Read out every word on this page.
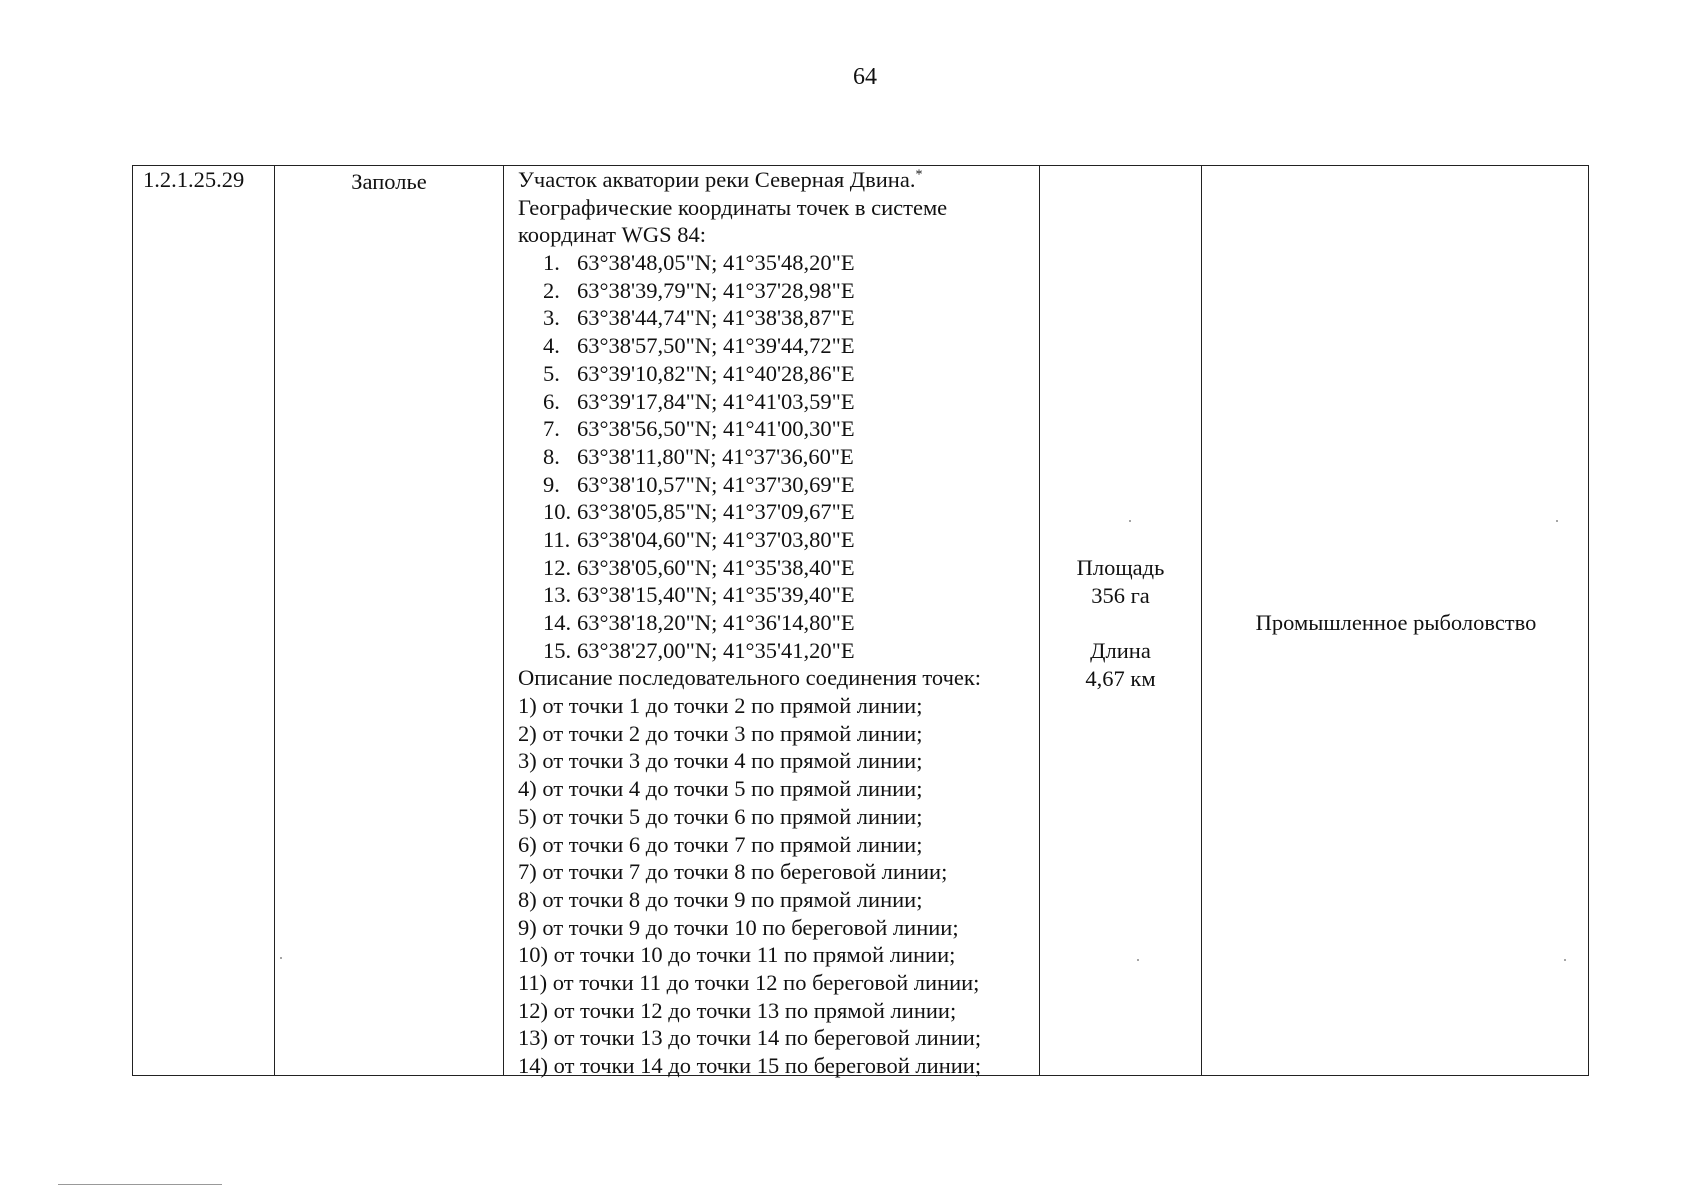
64
1.2.1.25.29	Заполье	Участок акватории реки Северная Двина.*
Географические координаты точек в системе
координат WGS 84:
1. 63°38'48,05"N; 41°35'48,20"E
2. 63°38'39,79"N; 41°37'28,98"E
3. 63°38'44,74"N; 41°38'38,87"E
4. 63°38'57,50"N; 41°39'44,72"E
5. 63°39'10,82"N; 41°40'28,86"E
6. 63°39'17,84"N; 41°41'03,59"E
7. 63°38'56,50"N; 41°41'00,30"E
8. 63°38'11,80"N; 41°37'36,60"E
9. 63°38'10,57"N; 41°37'30,69"E
10. 63°38'05,85"N; 41°37'09,67"E
11. 63°38'04,60"N; 41°37'03,80"E
12. 63°38'05,60"N; 41°35'38,40"E
13. 63°38'15,40"N; 41°35'39,40"E
14. 63°38'18,20"N; 41°36'14,80"E
15. 63°38'27,00"N; 41°35'41,20"E
Описание последовательного соединения точек:
1) от точки 1 до точки 2 по прямой линии;
2) от точки 2 до точки 3 по прямой линии;
3) от точки 3 до точки 4 по прямой линии;
4) от точки 4 до точки 5 по прямой линии;
5) от точки 5 до точки 6 по прямой линии;
6) от точки 6 до точки 7 по прямой линии;
7) от точки 7 до точки 8 по береговой линии;
8) от точки 8 до точки 9 по прямой линии;
9) от точки 9 до точки 10 по береговой линии;
10) от точки 10 до точки 11 по прямой линии;
11) от точки 11 до точки 12 по береговой линии;
12) от точки 12 до точки 13 по прямой линии;
13) от точки 13 до точки 14 по береговой линии;
14) от точки 14 до точки 15 по береговой линии;
Площадь
356 га
Длина
4,67 км
Промышленное рыболовство
